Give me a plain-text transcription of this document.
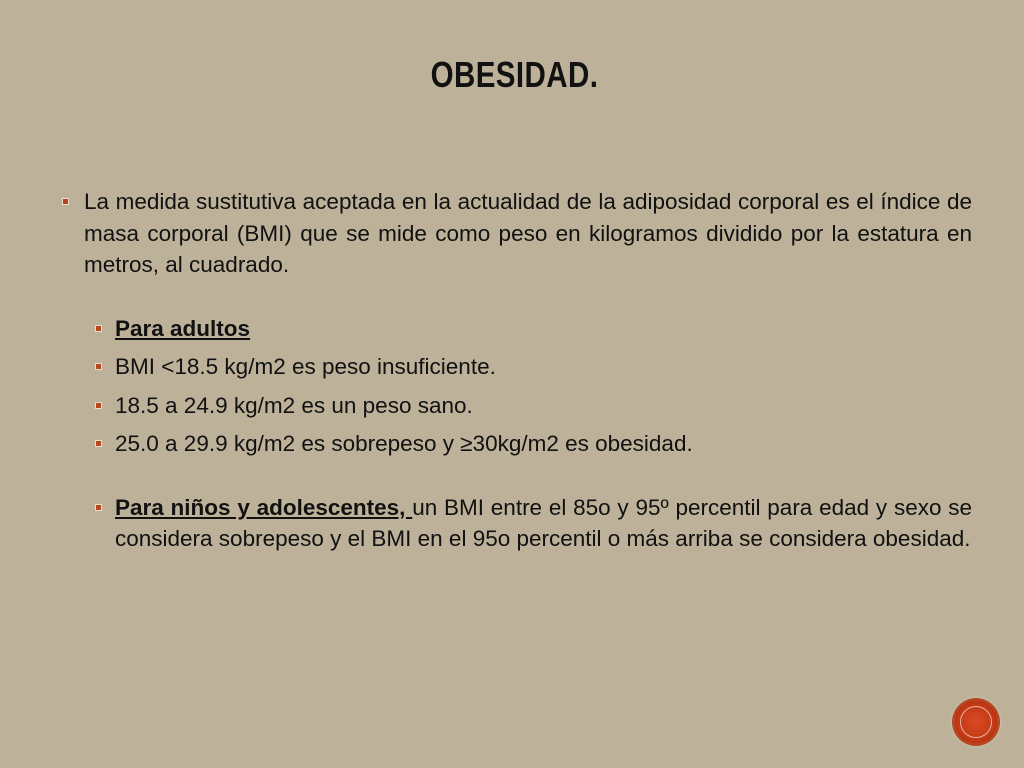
OBESIDAD.
La medida sustitutiva aceptada en la actualidad de la adiposidad corporal es el índice de masa corporal (BMI) que se mide como peso en kilogramos dividido por la estatura en metros, al cuadrado.
Para adultos
BMI <18.5 kg/m2 es peso insuficiente.
18.5 a 24.9 kg/m2 es un peso sano.
25.0 a 29.9 kg/m2 es sobrepeso y ≥30kg/m2 es obesidad.
Para niños y adolescentes, un BMI entre el 85o y 95º percentil para edad y sexo se considera sobrepeso y el BMI en el 95o percentil o más arriba se considera obesidad.
